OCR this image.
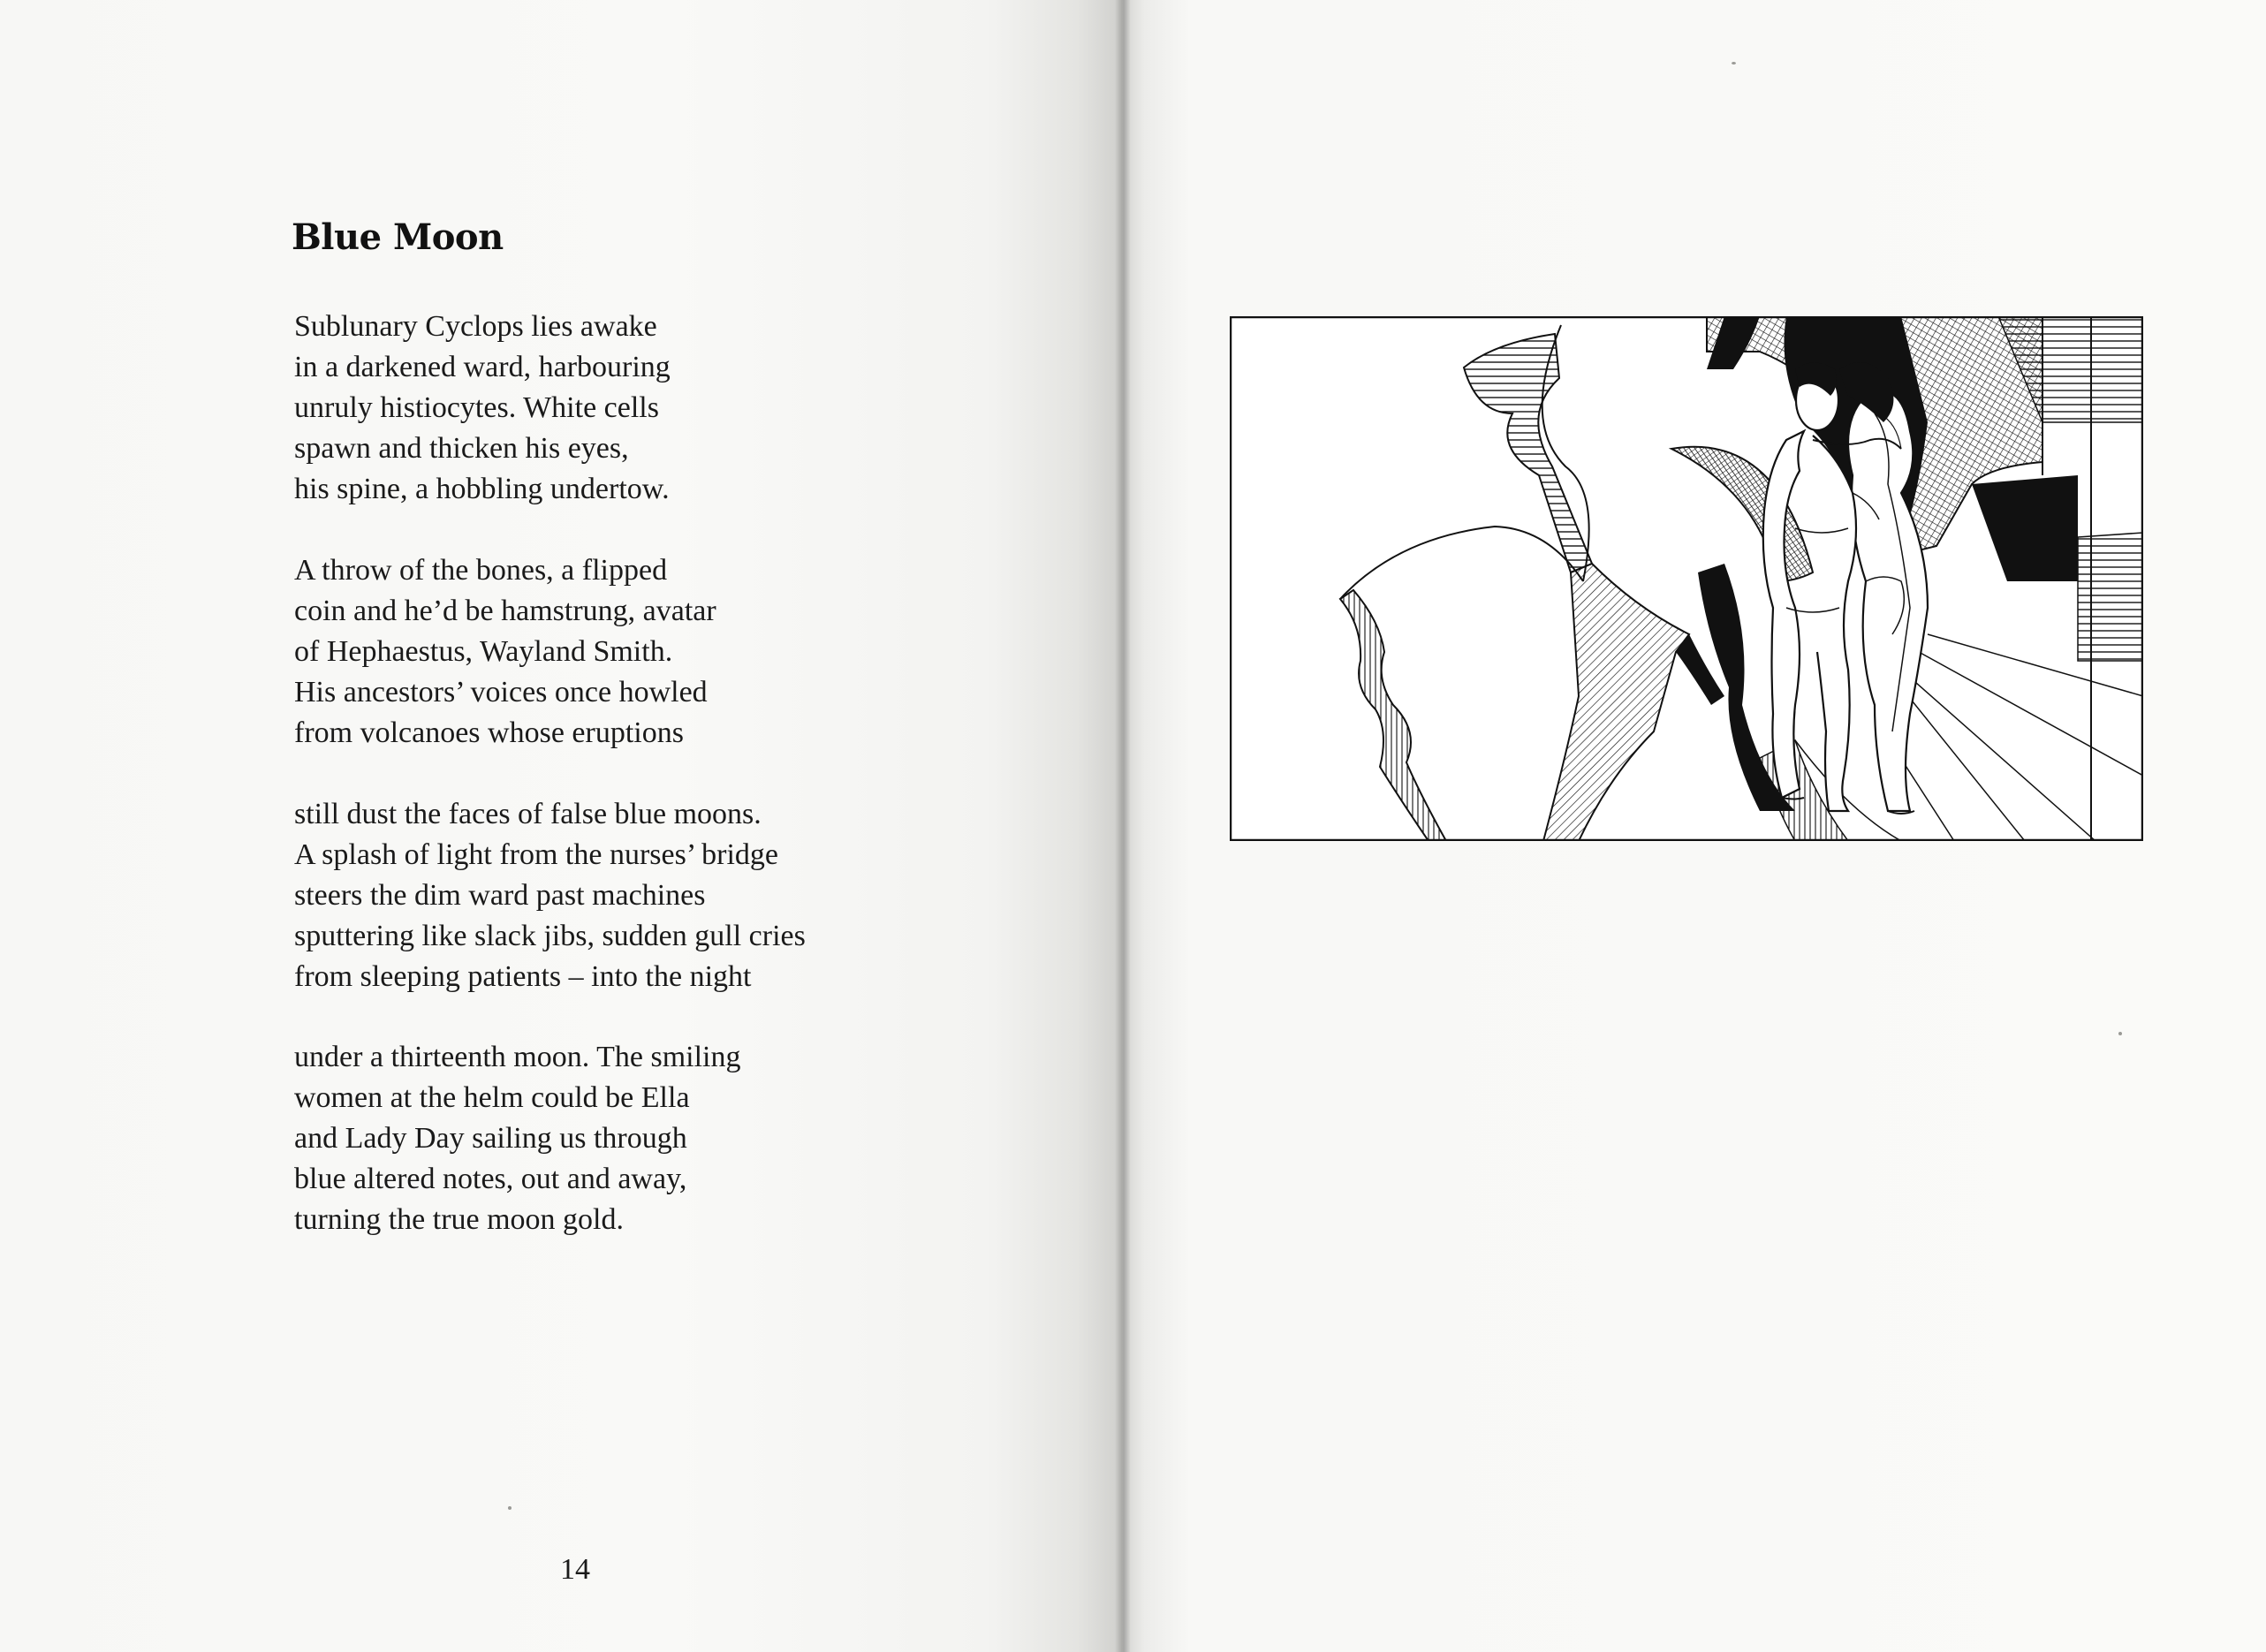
Blue Moon
Sublunary Cyclops lies awake
in a darkened ward, harbouring
unruly histiocytes. White cells
spawn and thicken his eyes,
his spine, a hobbling undertow.
A throw of the bones, a flipped
coin and he’d be hamstrung, avatar
of Hephaestus, Wayland Smith.
His ancestors’ voices once howled
from volcanoes whose eruptions
still dust the faces of false blue moons.
A splash of light from the nurses’ bridge
steers the dim ward past machines
sputtering like slack jibs, sudden gull cries
from sleeping patients – into the night
under a thirteenth moon. The smiling
women at the helm could be Ella
and Lady Day sailing us through
blue altered notes, out and away,
turning the true moon gold.
14
